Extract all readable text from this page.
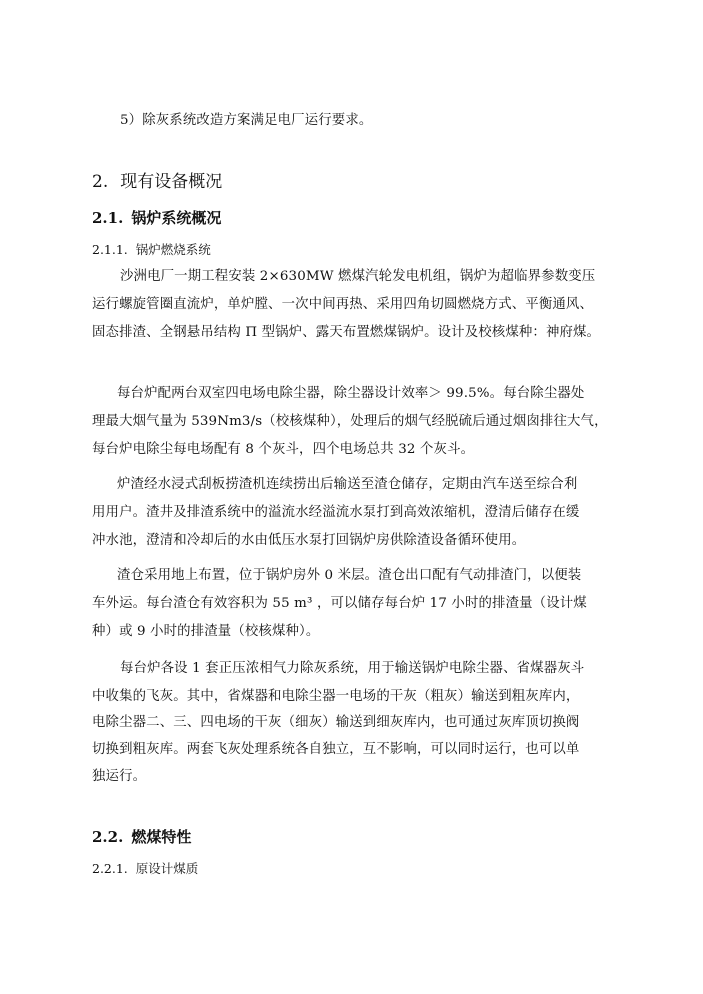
5）除灰系统改造方案满足电厂运行要求。
2. 现有设备概况
2.1. 锅炉系统概况
2.1.1. 锅炉燃烧系统
沙洲电厂一期工程安装 2×630MW 燃煤汽轮发电机组，锅炉为超临界参数变压
运行螺旋管圈直流炉，单炉膛、一次中间再热、采用四角切圆燃烧方式、平衡通风、
固态排渣、全钢悬吊结构 Π 型锅炉、露天布置燃煤锅炉。设计及校核煤种：神府煤。
每台炉配两台双室四电场电除尘器，除尘器设计效率＞ 99.5%。每台除尘器处
理最大烟气量为 539Nm3/s（校核煤种），处理后的烟气经脱硫后通过烟囱排往大气，
每台炉电除尘每电场配有 8 个灰斗，四个电场总共 32 个灰斗。
炉渣经水浸式刮板捞渣机连续捞出后输送至渣仓储存，定期由汽车送至综合利
用用户。渣井及排渣系统中的溢流水经溢流水泵打到高效浓缩机，澄清后储存在缓
冲水池，澄清和冷却后的水由低压水泵打回锅炉房供除渣设备循环使用。
渣仓采用地上布置，位于锅炉房外 0 米层。渣仓出口配有气动排渣门，以便装
车外运。每台渣仓有效容积为 55 m³ ，可以储存每台炉 17 小时的排渣量（设计煤
种）或 9 小时的排渣量（校核煤种）。
每台炉各设 1 套正压浓相气力除灰系统，用于输送锅炉电除尘器、省煤器灰斗
中收集的飞灰。其中，省煤器和电除尘器一电场的干灰（粗灰）输送到粗灰库内，
电除尘器二、三、四电场的干灰（细灰）输送到细灰库内，也可通过灰库顶切换阀
切换到粗灰库。两套飞灰处理系统各自独立，互不影响，可以同时运行，也可以单
独运行。
2.2. 燃煤特性
2.2.1. 原设计煤质
